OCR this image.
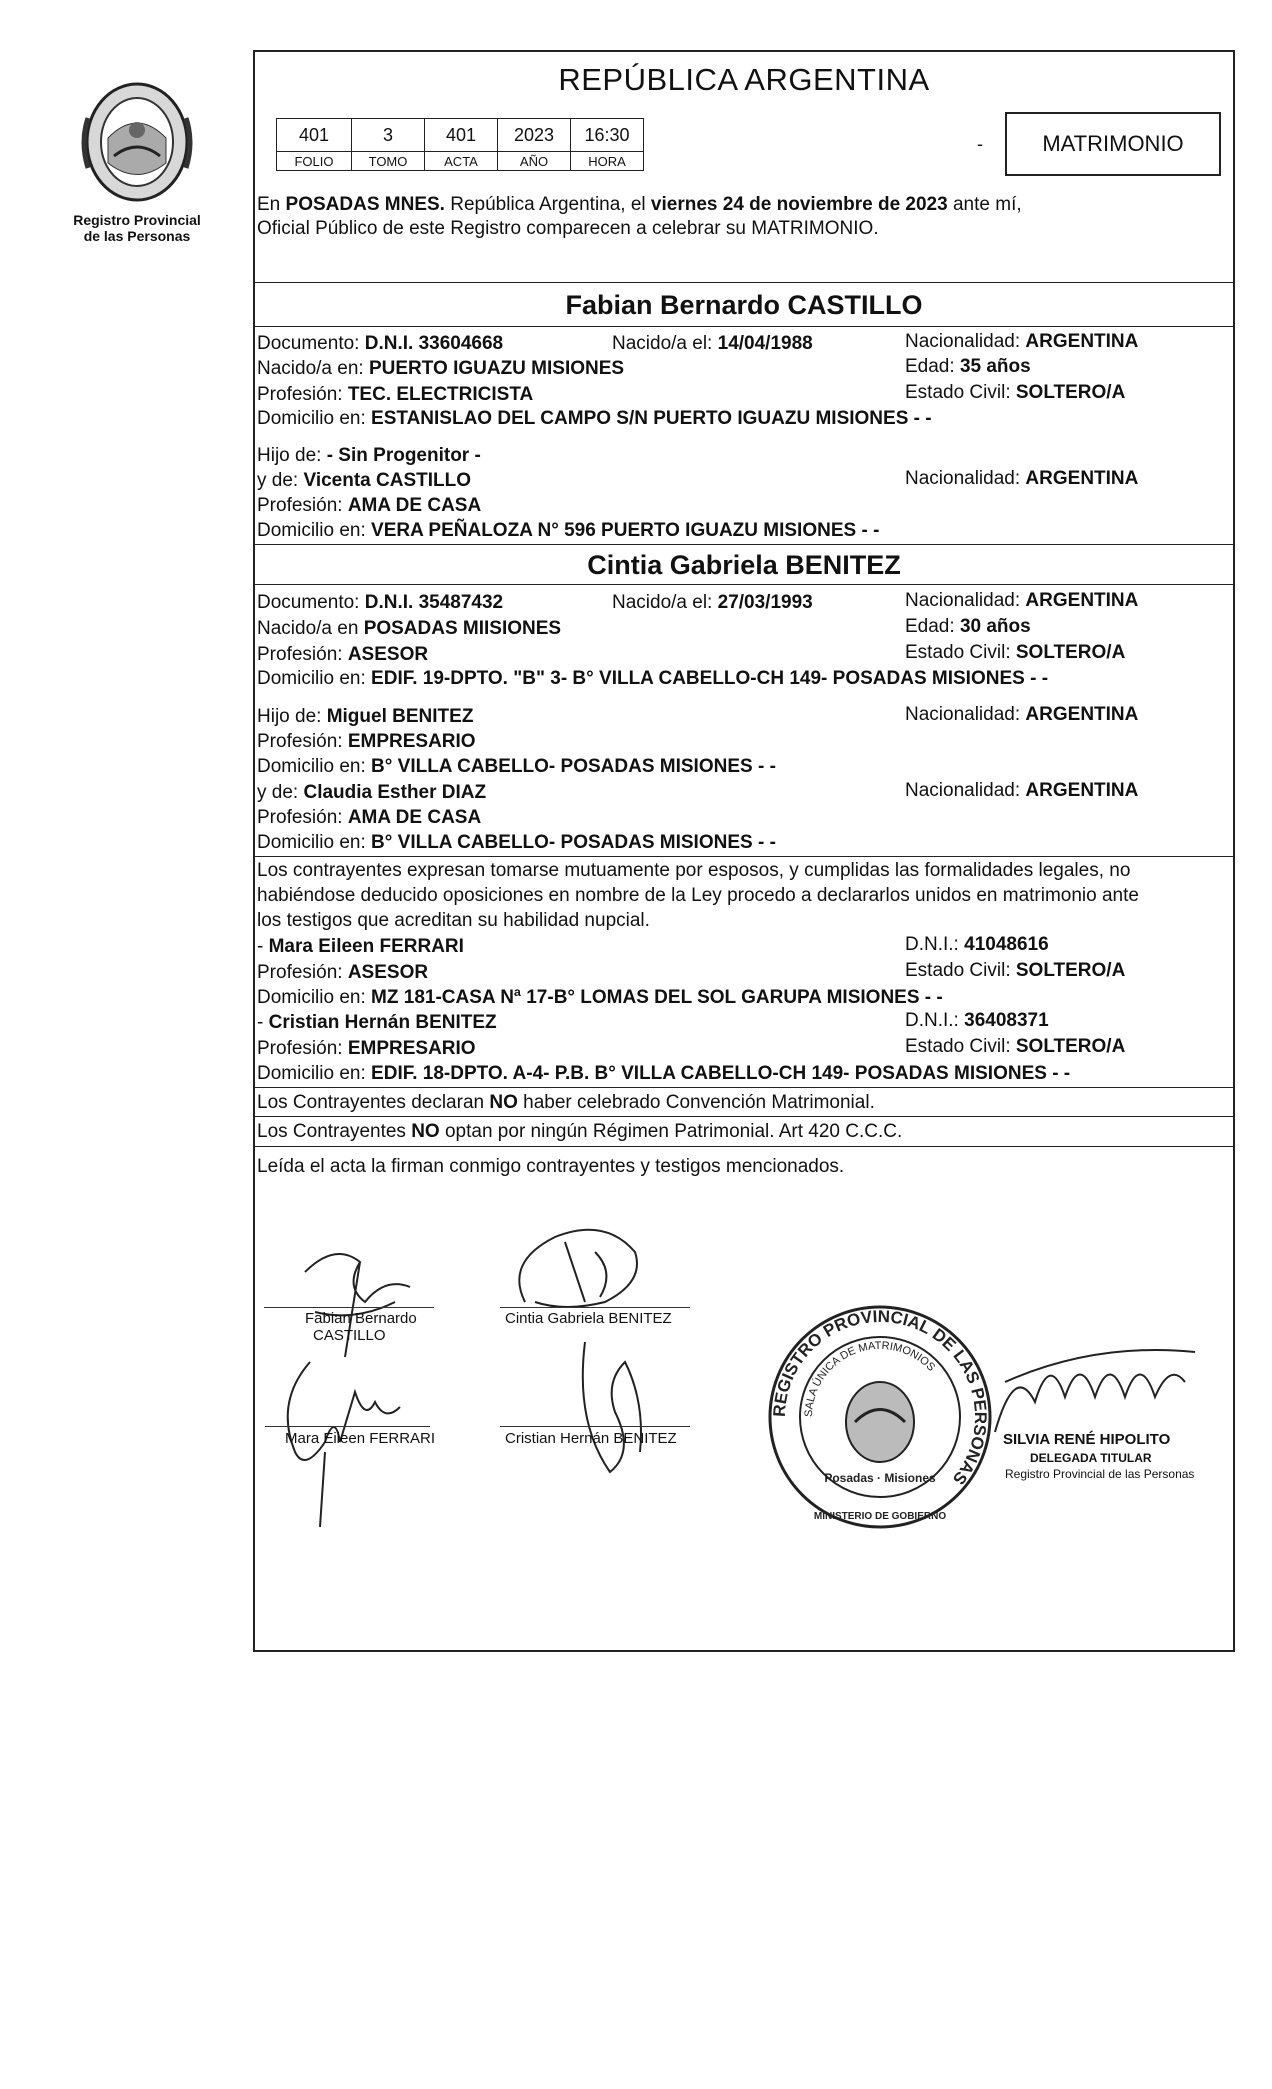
Registro Provincial
de las Personas
REPÚBLICA ARGENTINA
401	3	401	2023	16:30
FOLIO	TOMO	ACTA	AÑO	HORA
-	MATRIMONIO
En POSADAS MNES. República Argentina, el viernes 24 de noviembre de 2023 ante mí,
Oficial Público de este Registro comparecen a celebrar su MATRIMONIO.
Fabian Bernardo CASTILLO
Documento: D.N.I. 33604668	Nacido/a el: 14/04/1988	Nacionalidad: ARGENTINA
Nacido/a en: PUERTO IGUAZU MISIONES	Edad: 35 años
Profesión: TEC. ELECTRICISTA	Estado Civil: SOLTERO/A
Domicilio en: ESTANISLAO DEL CAMPO S/N PUERTO IGUAZU MISIONES - -
Hijo de: - Sin Progenitor -
y de: Vicenta CASTILLO	Nacionalidad: ARGENTINA
Profesión: AMA DE CASA
Domicilio en: VERA PEÑALOZA N° 596 PUERTO IGUAZU MISIONES - -
Cintia Gabriela BENITEZ
Documento: D.N.I. 35487432	Nacido/a el: 27/03/1993	Nacionalidad: ARGENTINA
Nacido/a en POSADAS MIISIONES	Edad: 30 años
Profesión: ASESOR	Estado Civil: SOLTERO/A
Domicilio en: EDIF. 19-DPTO. "B" 3- B° VILLA CABELLO-CH 149- POSADAS MISIONES - -
Hijo de: Miguel BENITEZ	Nacionalidad: ARGENTINA
Profesión: EMPRESARIO
Domicilio en: B° VILLA CABELLO- POSADAS MISIONES - -
y de: Claudia Esther DIAZ	Nacionalidad: ARGENTINA
Profesión: AMA DE CASA
Domicilio en: B° VILLA CABELLO- POSADAS MISIONES - -
Los contrayentes expresan tomarse mutuamente por esposos, y cumplidas las formalidades legales, no
habiéndose deducido oposiciones en nombre de la Ley procedo a declararlos unidos en matrimonio ante
los testigos que acreditan su habilidad nupcial.
- Mara Eileen FERRARI	D.N.I.: 41048616
Profesión: ASESOR	Estado Civil: SOLTERO/A
Domicilio en: MZ 181-CASA Nª 17-B° LOMAS DEL SOL GARUPA MISIONES - -
- Cristian Hernán BENITEZ	D.N.I.: 36408371
Profesión: EMPRESARIO	Estado Civil: SOLTERO/A
Domicilio en: EDIF. 18-DPTO. A-4- P.B. B° VILLA CABELLO-CH 149- POSADAS MISIONES - -
Los Contrayentes declaran NO haber celebrado Convención Matrimonial.
Los Contrayentes NO optan por ningún Régimen Patrimonial. Art 420 C.C.C.
Leída el acta la firman conmigo contrayentes y testigos mencionados.
Fabian Bernardo
CASTILLO
Cintia Gabriela BENITEZ
Mara Eileen FERRARI	Cristian Hernán BENITEZ
REGISTRO PROVINCIAL DE LAS PERSONAS
SALA ÚNICA DE MATRIMONIOS
Posadas · Misiones
MINISTERIO DE GOBIERNO
SILVIA RENÉ HIPOLITO
DELEGADA TITULAR
Registro Provincial de las Personas
